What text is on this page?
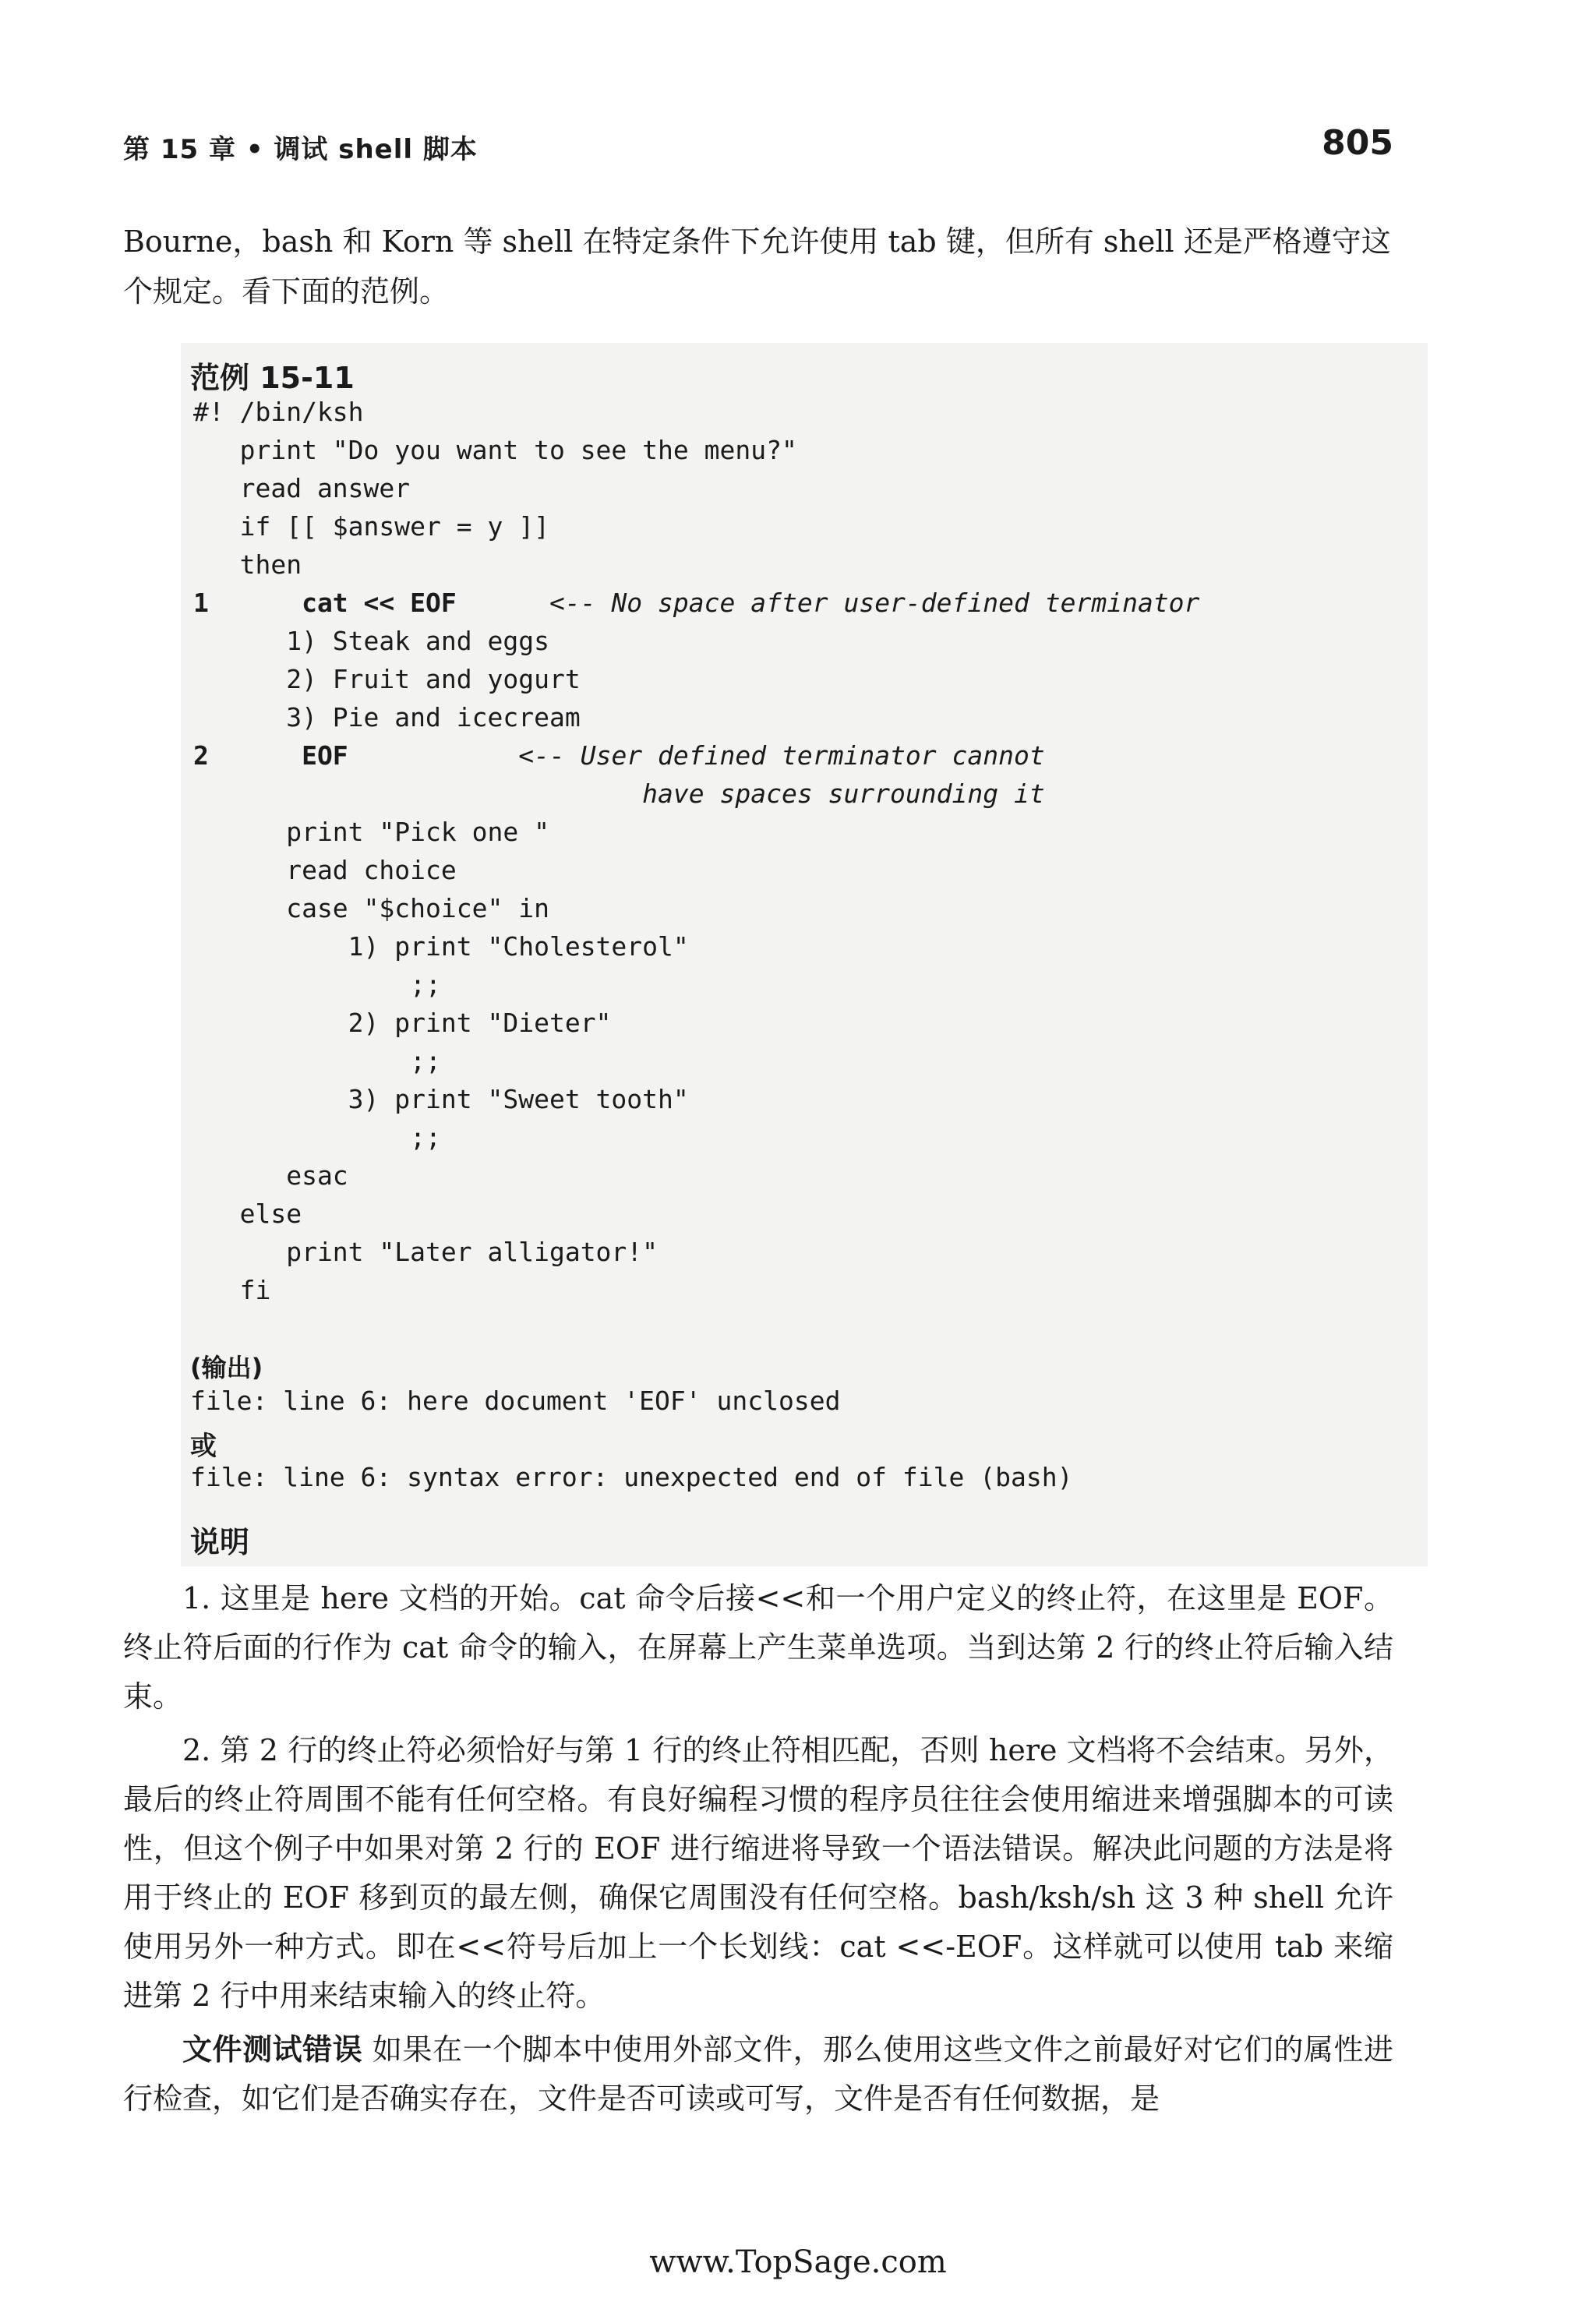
第 15 章 • 调试 shell 脚本	805
Bourne，bash 和 Korn 等 shell 在特定条件下允许使用 tab 键，但所有 shell 还是严格遵守这个规定。看下面的范例。
范例 15-11
#! /bin/ksh
print "Do you want to see the menu?"
read answer
if [[ $answer = y ]]
then
1      cat << EOF      <-- No space after user-defined terminator
1) Steak and eggs
2) Fruit and yogurt
3) Pie and icecream
2      EOF           <-- User defined terminator cannot
have spaces surrounding it
print "Pick one "
read choice
case "$choice" in
1) print "Cholesterol"
;;
2) print "Dieter"
;;
3) print "Sweet tooth"
;;
esac
else
print "Later alligator!"
fi
(输出)
file: line 6: here document 'EOF' unclosed
或
file: line 6: syntax error: unexpected end of file (bash)
说明

1. 这里是 here 文档的开始。cat 命令后接<<和一个用户定义的终止符，在这里是 EOF。终止符后面的行作为 cat 命令的输入，在屏幕上产生菜单选项。当到达第 2 行的终止符后输入结束。

2. 第 2 行的终止符必须恰好与第 1 行的终止符相匹配，否则 here 文档将不会结束。另外，最后的终止符周围不能有任何空格。有良好编程习惯的程序员往往会使用缩进来增强脚本的可读性，但这个例子中如果对第 2 行的 EOF 进行缩进将导致一个语法错误。解决此问题的方法是将用于终止的 EOF 移到页的最左侧，确保它周围没有任何空格。bash/ksh/sh 这 3 种 shell 允许使用另外一种方式。即在<<符号后加上一个长划线：cat <<-EOF。这样就可以使用 tab 来缩进第 2 行中用来结束输入的终止符。

文件测试错误 如果在一个脚本中使用外部文件，那么使用这些文件之前最好对它们的属性进行检查，如它们是否确实存在，文件是否可读或可写，文件是否有任何数据，是

www.TopSage.com
